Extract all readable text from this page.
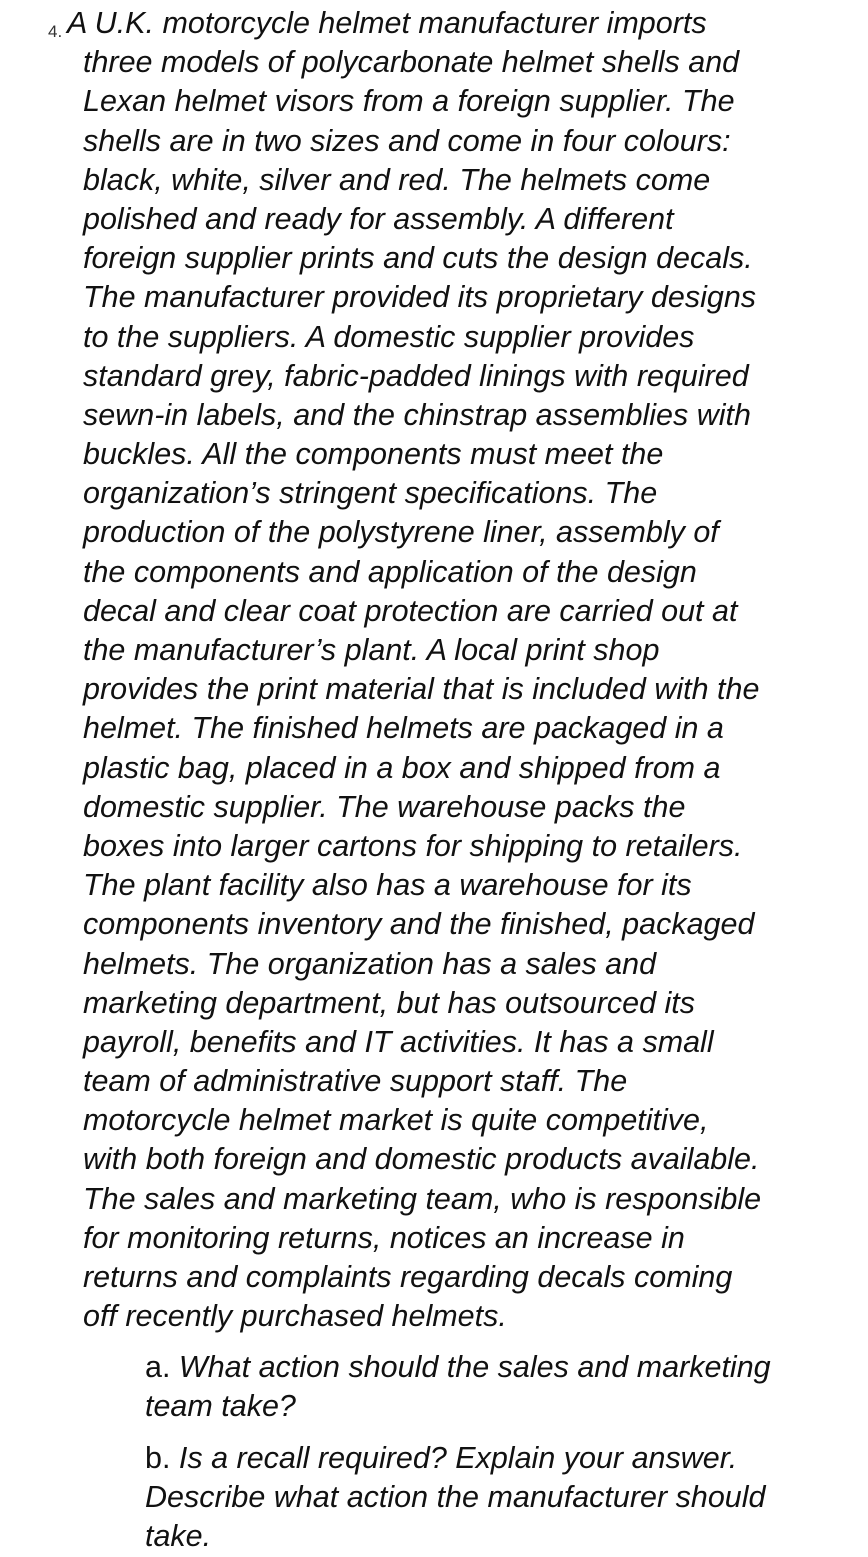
4. A U.K. motorcycle helmet manufacturer imports
three models of polycarbonate helmet shells and
Lexan helmet visors from a foreign supplier. The
shells are in two sizes and come in four colours:
black, white, silver and red. The helmets come
polished and ready for assembly. A different
foreign supplier prints and cuts the design decals.
The manufacturer provided its proprietary designs
to the suppliers. A domestic supplier provides
standard grey, fabric-padded linings with required
sewn-in labels, and the chinstrap assemblies with
buckles. All the components must meet the
organization’s stringent specifications. The
production of the polystyrene liner, assembly of
the components and application of the design
decal and clear coat protection are carried out at
the manufacturer’s plant. A local print shop
provides the print material that is included with the
helmet. The finished helmets are packaged in a
plastic bag, placed in a box and shipped from a
domestic supplier. The warehouse packs the
boxes into larger cartons for shipping to retailers.
The plant facility also has a warehouse for its
components inventory and the finished, packaged
helmets. The organization has a sales and
marketing department, but has outsourced its
payroll, benefits and IT activities. It has a small
team of administrative support staff. The
motorcycle helmet market is quite competitive,
with both foreign and domestic products available.
The sales and marketing team, who is responsible
for monitoring returns, notices an increase in
returns and complaints regarding decals coming
off recently purchased helmets.
a. What action should the sales and marketing
team take?
b. Is a recall required? Explain your answer.
Describe what action the manufacturer should
take.
